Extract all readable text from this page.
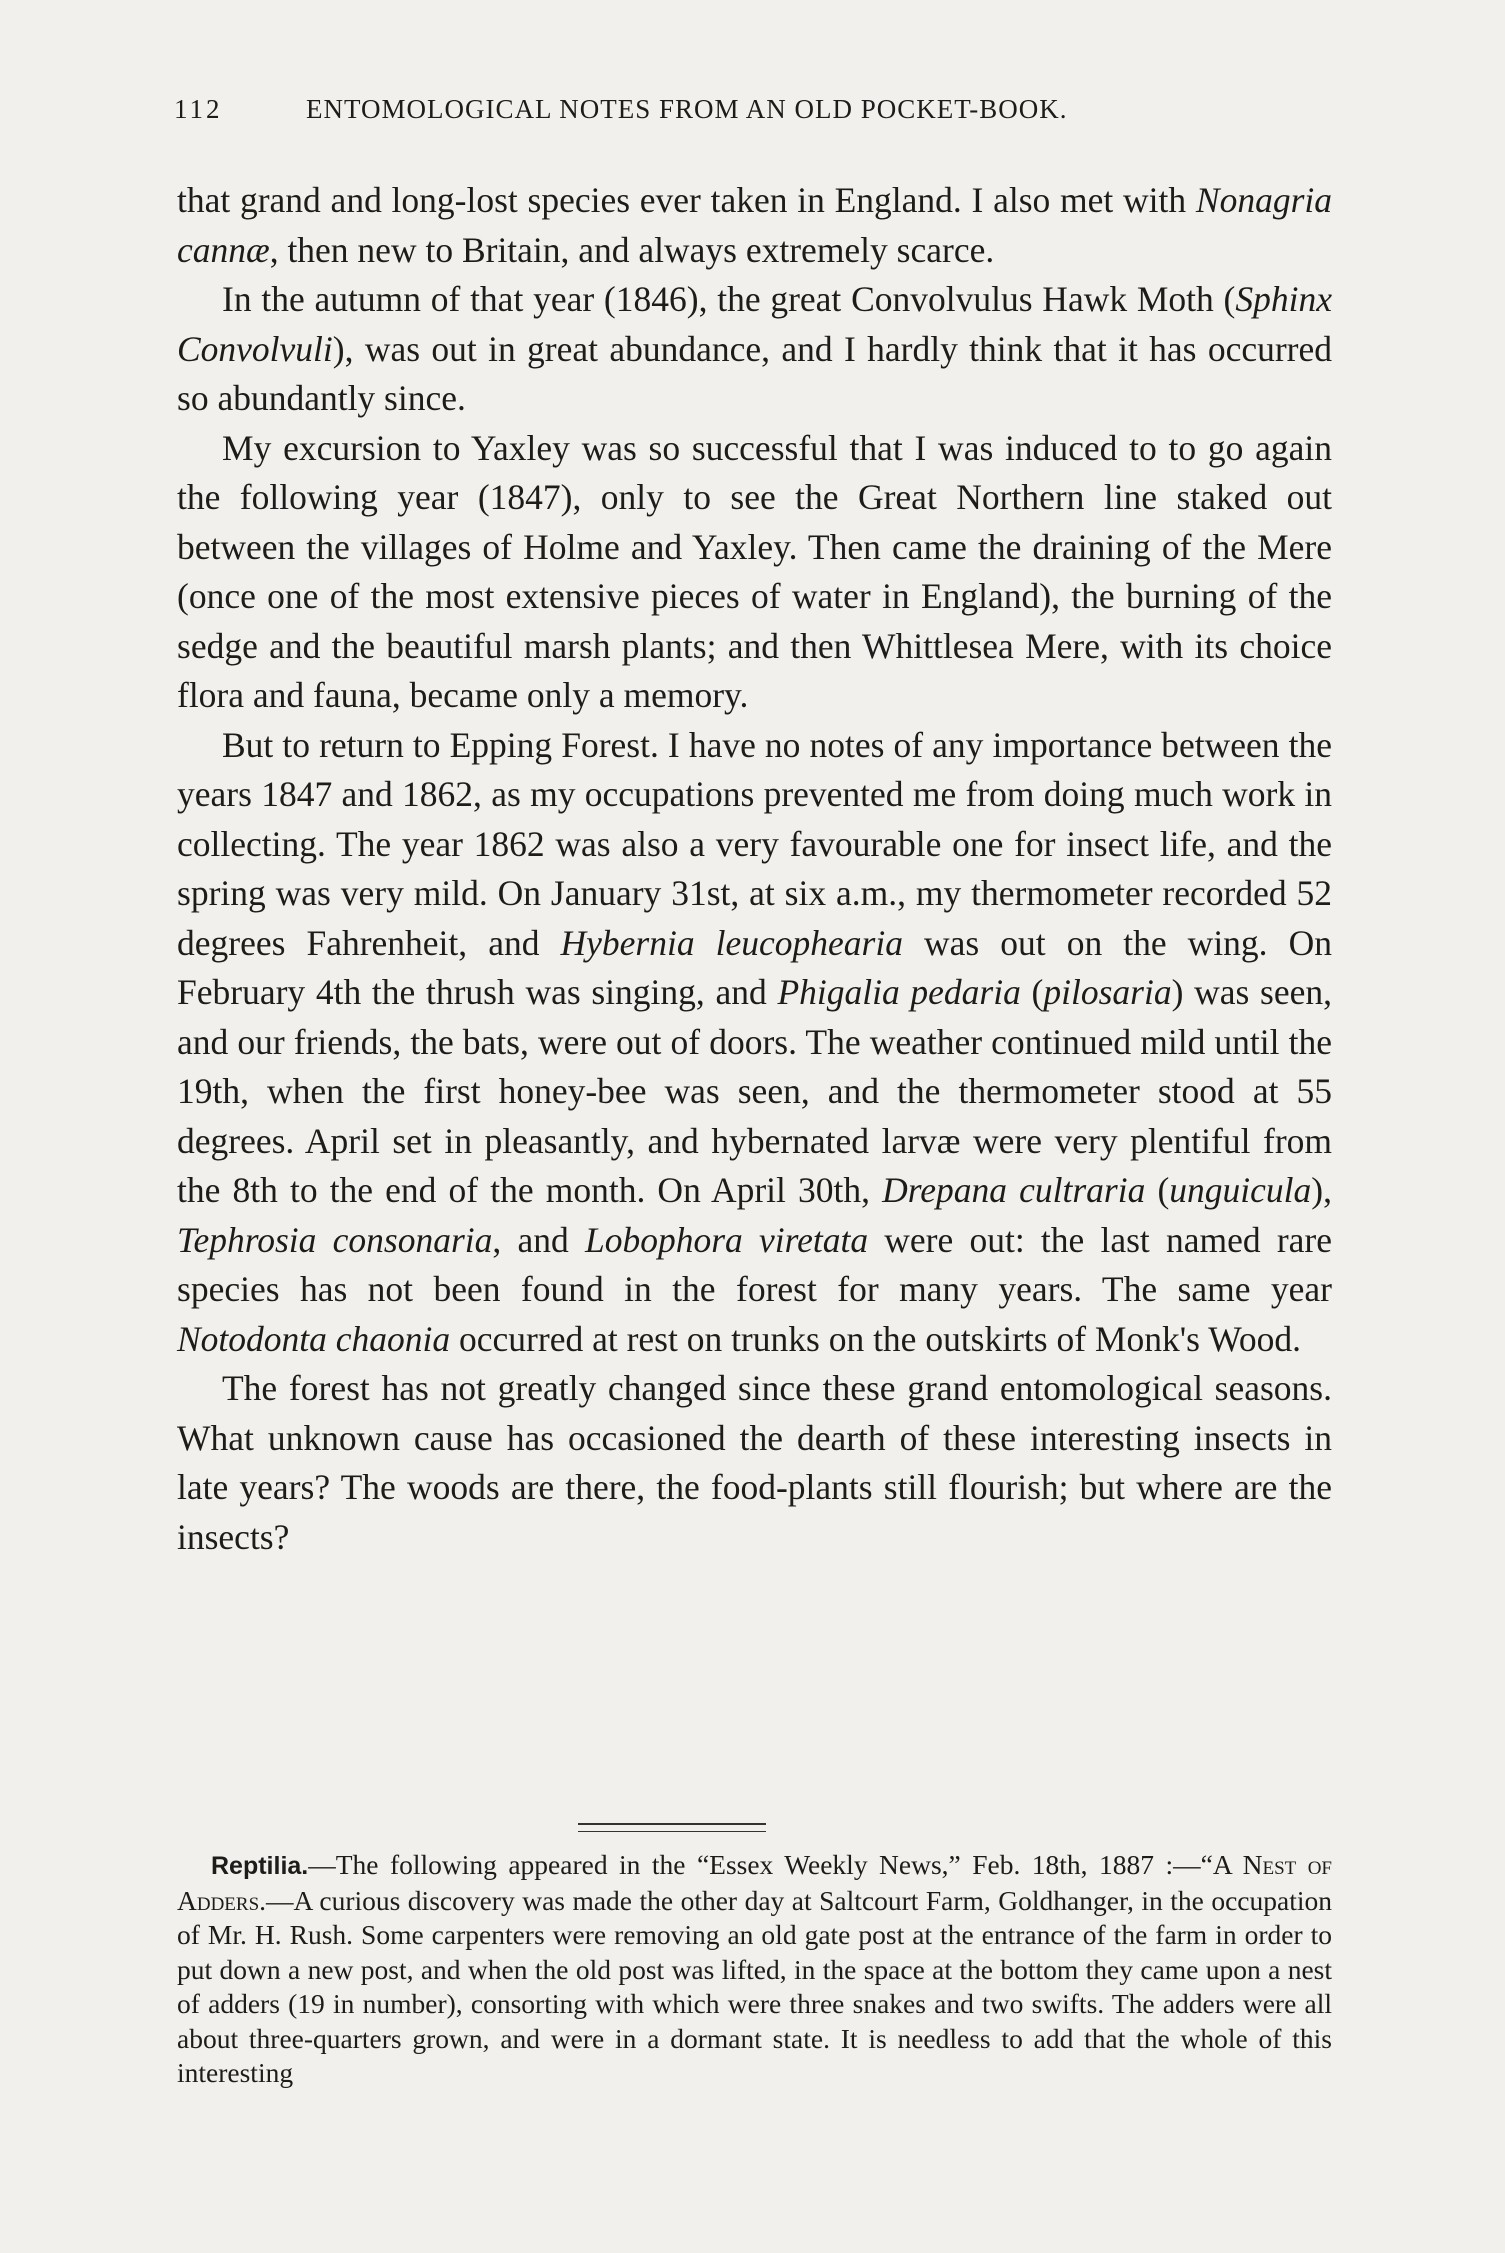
112	ENTOMOLOGICAL NOTES FROM AN OLD POCKET-BOOK.

that grand and long-lost species ever taken in England. I also met with Nonagria cannæ, then new to Britain, and always extremely scarce.

In the autumn of that year (1846), the great Convolvulus Hawk Moth (Sphinx Convolvuli), was out in great abundance, and I hardly think that it has occurred so abundantly since.

My excursion to Yaxley was so successful that I was induced to to go again the following year (1847), only to see the Great Northern line staked out between the villages of Holme and Yaxley. Then came the draining of the Mere (once one of the most extensive pieces of water in England), the burning of the sedge and the beautiful marsh plants; and then Whittlesea Mere, with its choice flora and fauna, became only a memory.

But to return to Epping Forest. I have no notes of any importance between the years 1847 and 1862, as my occupations prevented me from doing much work in collecting. The year 1862 was also a very favourable one for insect life, and the spring was very mild. On January 31st, at six a.m., my thermometer recorded 52 degrees Fahrenheit, and Hybernia leucophearia was out on the wing. On February 4th the thrush was singing, and Phigalia pedaria (pilosaria) was seen, and our friends, the bats, were out of doors. The weather continued mild until the 19th, when the first honey-bee was seen, and the thermometer stood at 55 degrees. April set in pleasantly, and hybernated larvæ were very plentiful from the 8th to the end of the month. On April 30th, Drepana cultraria (unguicula), Tephrosia consonaria, and Lobophora viretata were out: the last named rare species has not been found in the forest for many years. The same year Notodonta chaonia occurred at rest on trunks on the outskirts of Monk's Wood.

The forest has not greatly changed since these grand entomological seasons. What unknown cause has occasioned the dearth of these interesting insects in late years? The woods are there, the food-plants still flourish; but where are the insects?

Reptilia.—The following appeared in the “Essex Weekly News,” Feb. 18th, 1887 :—“A Nest of Adders.—A curious discovery was made the other day at Saltcourt Farm, Goldhanger, in the occupation of Mr. H. Rush. Some carpenters were removing an old gate post at the entrance of the farm in order to put down a new post, and when the old post was lifted, in the space at the bottom they came upon a nest of adders (19 in number), consorting with which were three snakes and two swifts. The adders were all about three-quarters grown, and were in a dormant state. It is needless to add that the whole of this interesting
